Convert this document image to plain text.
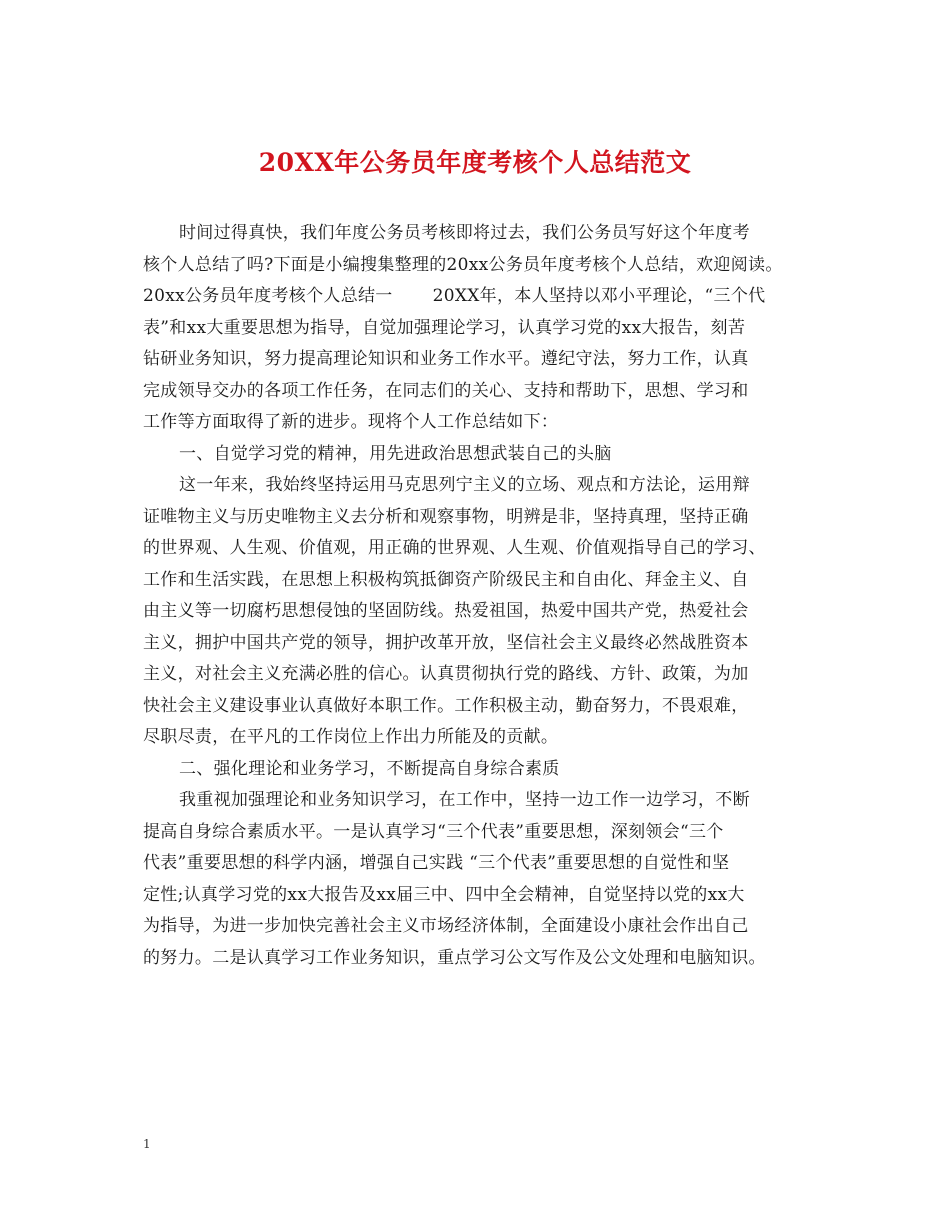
20XX年公务员年度考核个人总结范文
时间过得真快，我们年度公务员考核即将过去，我们公务员写好这个年度考
核个人总结了吗?下面是小编搜集整理的20xx公务员年度考核个人总结，欢迎阅读。
20xx公务员年度考核个人总结一 20XX年，本人坚持以邓小平理论，“三个代
表”和xx大重要思想为指导，自觉加强理论学习，认真学习党的xx大报告，刻苦
钻研业务知识，努力提高理论知识和业务工作水平。遵纪守法，努力工作，认真
完成领导交办的各项工作任务，在同志们的关心、支持和帮助下，思想、学习和
工作等方面取得了新的进步。现将个人工作总结如下：
一、自觉学习党的精神，用先进政治思想武装自己的头脑
这一年来，我始终坚持运用马克思列宁主义的立场、观点和方法论，运用辩
证唯物主义与历史唯物主义去分析和观察事物，明辨是非，坚持真理，坚持正确
的世界观、人生观、价值观，用正确的世界观、人生观、价值观指导自己的学习、
工作和生活实践，在思想上积极构筑抵御资产阶级民主和自由化、拜金主义、自
由主义等一切腐朽思想侵蚀的坚固防线。热爱祖国，热爱中国共产党，热爱社会
主义，拥护中国共产党的领导，拥护改革开放，坚信社会主义最终必然战胜资本
主义，对社会主义充满必胜的信心。认真贯彻执行党的路线、方针、政策，为加
快社会主义建设事业认真做好本职工作。工作积极主动，勤奋努力，不畏艰难，
尽职尽责，在平凡的工作岗位上作出力所能及的贡献。
二、强化理论和业务学习，不断提高自身综合素质
我重视加强理论和业务知识学习，在工作中，坚持一边工作一边学习，不断
提高自身综合素质水平。一是认真学习“三个代表”重要思想，深刻领会“三个
代表”重要思想的科学内涵，增强自己实践 “三个代表”重要思想的自觉性和坚
定性;认真学习党的xx大报告及xx届三中、四中全会精神，自觉坚持以党的xx大
为指导，为进一步加快完善社会主义市场经济体制，全面建设小康社会作出自己
的努力。二是认真学习工作业务知识，重点学习公文写作及公文处理和电脑知识。
1
